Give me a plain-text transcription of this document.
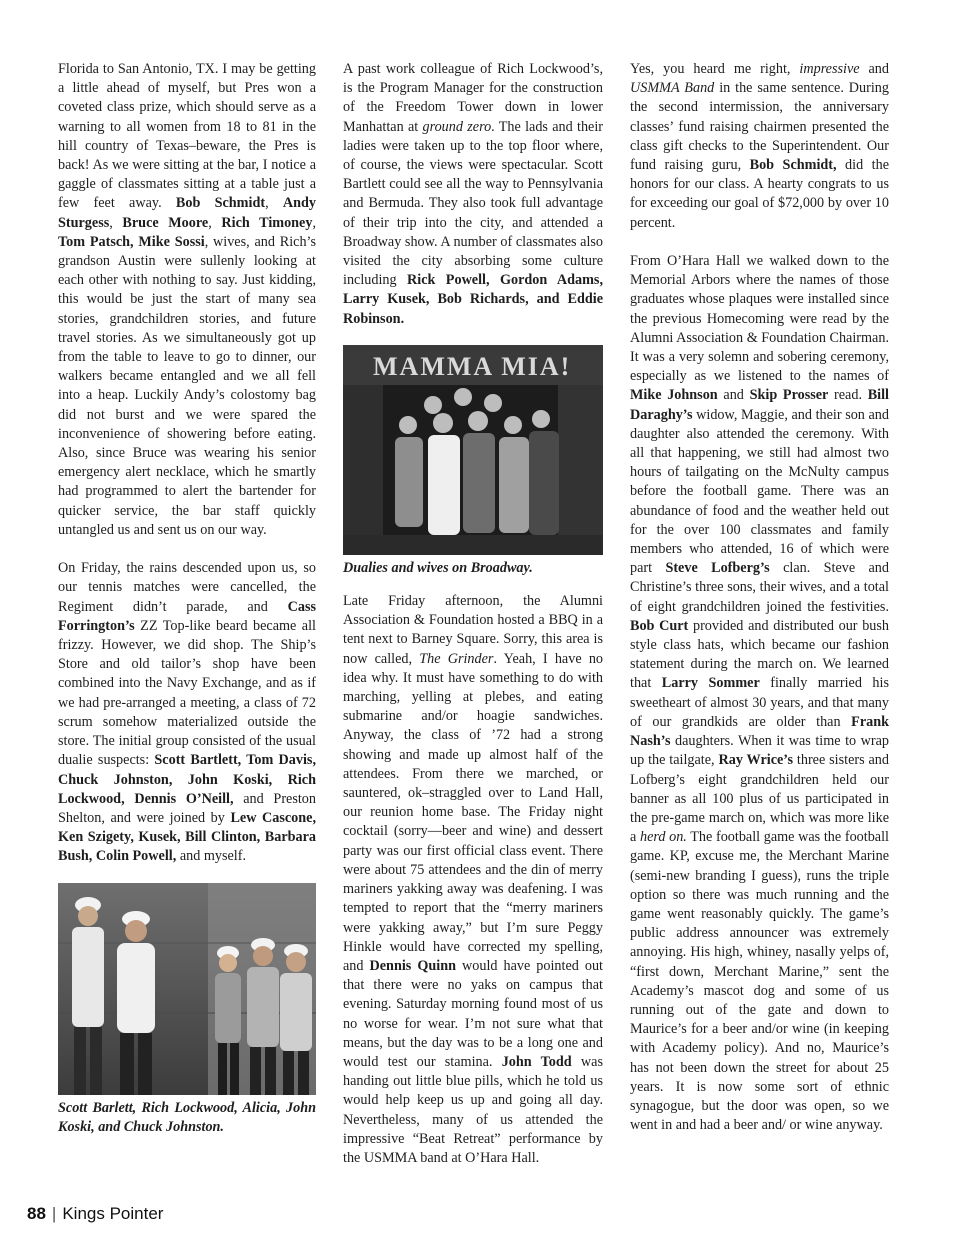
Florida to San Antonio, TX. I may be getting a little ahead of myself, but Pres won a coveted class prize, which should serve as a warning to all women from 18 to 81 in the hill country of Texas–beware, the Pres is back! As we were sitting at the bar, I notice a gaggle of classmates sitting at a table just a few feet away. Bob Schmidt, Andy Sturgess, Bruce Moore, Rich Timoney, Tom Patsch, Mike Sossi, wives, and Rich’s grandson Austin were sullenly looking at each other with nothing to say. Just kidding, this would be just the start of many sea stories, grandchildren stories, and future travel stories. As we simultaneously got up from the table to leave to go to dinner, our walkers became entangled and we all fell into a heap. Luckily Andy’s colostomy bag did not burst and we were spared the inconvenience of showering before eating. Also, since Bruce was wearing his senior emergency alert necklace, which he smartly had programmed to alert the bartender for quicker service, the bar staff quickly untangled us and sent us on our way.

On Friday, the rains descended upon us, so our tennis matches were cancelled, the Regiment didn’t parade, and Cass Forrington’s ZZ Top-like beard became all frizzy. However, we did shop. The Ship’s Store and old tailor’s shop have been combined into the Navy Exchange, and as if we had pre-arranged a meeting, a class of 72 scrum somehow materialized outside the store. The initial group consisted of the usual dualie suspects: Scott Bartlett, Tom Davis, Chuck Johnston, John Koski, Rich Lockwood, Dennis O’Neill, and Preston Shelton, and were joined by Lew Cascone, Ken Szigety, Kusek, Bill Clinton, Barbara Bush, Colin Powell, and myself.

Scott Barlett, Rich Lockwood, Alicia, John Koski, and Chuck Johnston.

A past work colleague of Rich Lockwood’s, is the Program Manager for the construction of the Freedom Tower down in lower Manhattan at ground zero. The lads and their ladies were taken up to the top floor where, of course, the views were spectacular. Scott Bartlett could see all the way to Pennsylvania and Bermuda. They also took full advantage of their trip into the city, and attended a Broadway show. A number of classmates also visited the city absorbing some culture including Rick Powell, Gordon Adams, Larry Kusek, Bob Richards, and Eddie Robinson.

MAMMA MIA!
Dualies and wives on Broadway.

Late Friday afternoon, the Alumni Association & Foundation hosted a BBQ in a tent next to Barney Square. Sorry, this area is now called, The Grinder. Yeah, I have no idea why. It must have something to do with marching, yelling at plebes, and eating submarine and/or hoagie sandwiches. Anyway, the class of ’72 had a strong showing and made up almost half of the attendees. From there we marched, or sauntered, ok–straggled over to Land Hall, our reunion home base. The Friday night cocktail (sorry—beer and wine) and dessert party was our first official class event. There were about 75 attendees and the din of merry mariners yakking away was deafening. I was tempted to report that the “merry mariners were yakking away,” but I’m sure Peggy Hinkle would have corrected my spelling, and Dennis Quinn would have pointed out that there were no yaks on campus that evening. Saturday morning found most of us no worse for wear. I’m not sure what that means, but the day was to be a long one and would test our stamina. John Todd was handing out little blue pills, which he told us would help keep us up and going all day. Nevertheless, many of us attended the impressive “Beat Retreat” performance by the USMMA band at O’Hara Hall.

Yes, you heard me right, impressive and USMMA Band in the same sentence. During the second intermission, the anniversary classes’ fund raising chairmen presented the class gift checks to the Superintendent. Our fund raising guru, Bob Schmidt, did the honors for our class. A hearty congrats to us for exceeding our goal of $72,000 by over 10 percent.

From O’Hara Hall we walked down to the Memorial Arbors where the names of those graduates whose plaques were installed since the previous Homecoming were read by the Alumni Association & Foundation Chairman. It was a very solemn and sobering ceremony, especially as we listened to the names of Mike Johnson and Skip Prosser read. Bill Daraghy’s widow, Maggie, and their son and daughter also attended the ceremony. With all that happening, we still had almost two hours of tailgating on the McNulty campus before the football game. There was an abundance of food and the weather held out for the over 100 classmates and family members who attended, 16 of which were part Steve Lofberg’s clan. Steve and Christine’s three sons, their wives, and a total of eight grandchildren joined the festivities. Bob Curt provided and distributed our bush style class hats, which became our fashion statement during the march on. We learned that Larry Sommer finally married his sweetheart of almost 30 years, and that many of our grandkids are older than Frank Nash’s daughters. When it was time to wrap up the tailgate, Ray Wrice’s three sisters and Lofberg’s eight grandchildren held our banner as all 100 plus of us participated in the pre-game march on, which was more like a herd on. The football game was the football game. KP, excuse me, the Merchant Marine (semi-new branding I guess), runs the triple option so there was much running and the game went reasonably quickly. The game’s public address announcer was extremely annoying. His high, whiney, nasally yelps of, “first down, Merchant Marine,” sent the Academy’s mascot dog and some of us running out of the gate and down to Maurice’s for a beer and/or wine (in keeping with Academy policy). And no, Maurice’s has not been down the street for about 25 years. It is now some sort of ethnic synagogue, but the door was open, so we went in and had a beer and/ or wine anyway.

88 | Kings Pointer
